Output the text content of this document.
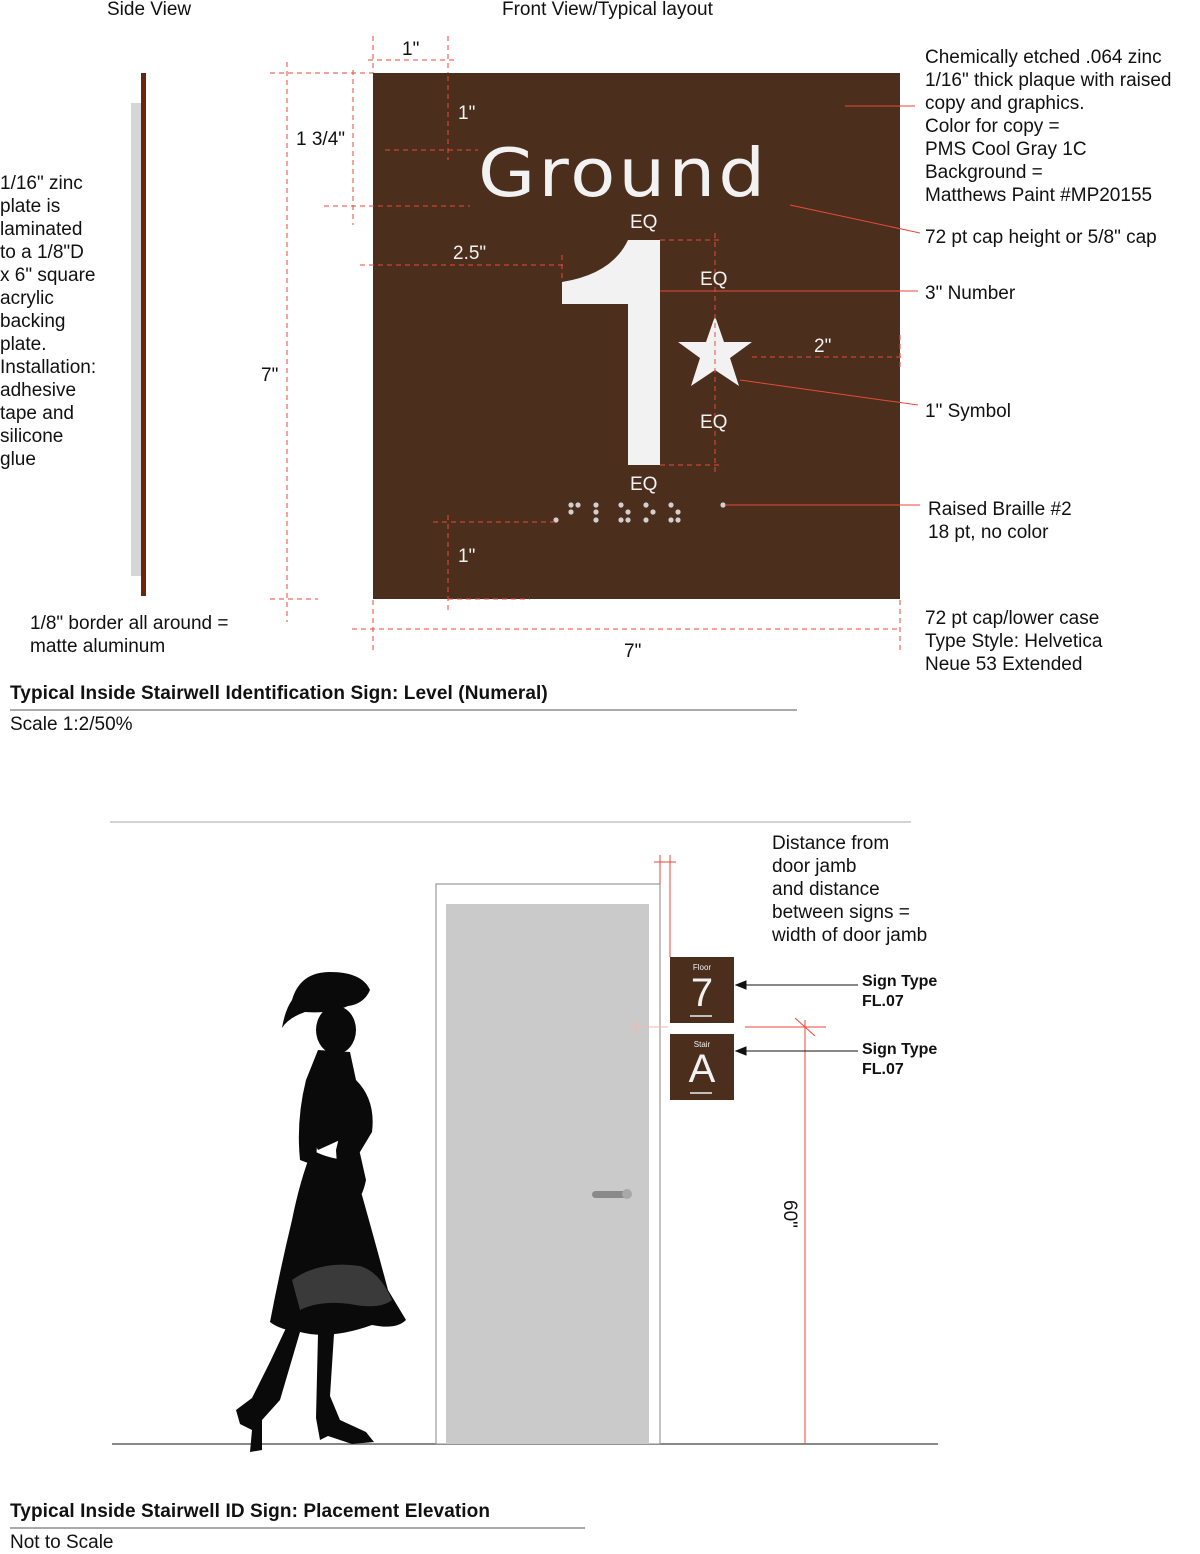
Side View	Front View/Typical layout
Ground
1"
1"
1 3/4"
2.5"
EQ
EQ
2"
EQ
EQ
1"
7"
7"
1/16" zinc
plate is
laminated
to a 1/8"D
x 6" square
acrylic
backing
plate.
Installation:
adhesive
tape and
silicone
glue
Chemically etched .064 zinc
1/16" thick plaque with raised
copy and graphics.
Color for copy =
PMS Cool Gray 1C
Background =
Matthews Paint #MP20155
72 pt cap height or 5/8" cap
3" Number
1" Symbol
Raised Braille #2
18 pt, no color
1/8" border all around =
matte aluminum
72 pt cap/lower case
Type Style: Helvetica
Neue 53 Extended
Typical Inside Stairwell Identification Sign: Level (Numeral)
Scale 1:2/50%
Distance from
door jamb
and distance
between signs =
width of door jamb
Floor
7
Stair
A
Sign Type
FL.07
Sign Type
FL.07
60"
Typical Inside Stairwell ID Sign: Placement Elevation
Not to Scale
